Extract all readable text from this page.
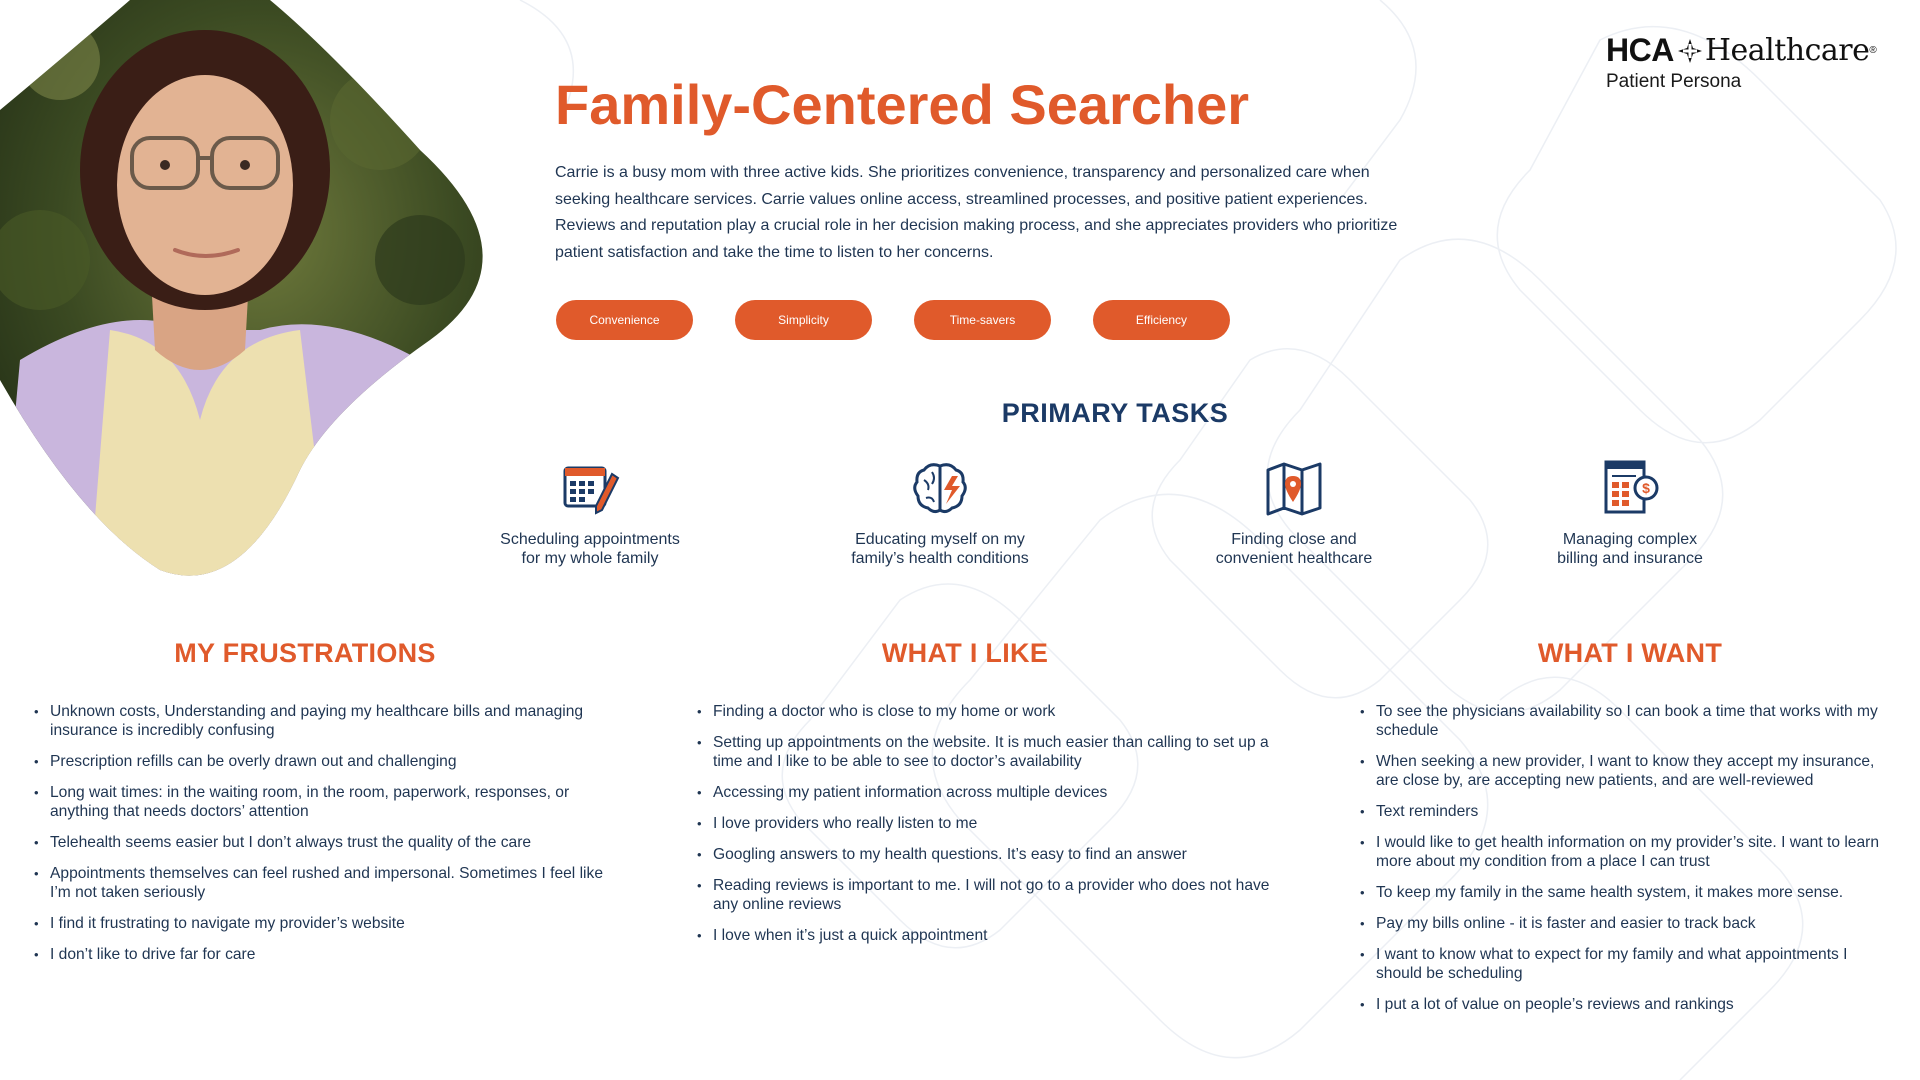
HCA Healthcare ®
Patient Persona
Family-Centered Searcher

Carrie is a busy mom with three active kids. She prioritizes convenience, transparency and personalized care when seeking healthcare services. Carrie values online access, streamlined processes, and positive patient experiences. Reviews and reputation play a crucial role in her decision making process, and she appreciates providers who prioritize patient satisfaction and take the time to listen to her concerns.

Convenience	Simplicity	Time-savers	Efficiency
PRIMARY TASKS
Scheduling appointments
for my whole family
Educating myself on my
family’s health conditions
Finding close and
convenient healthcare
$
Managing complex
billing and insurance
MY FRUSTRATIONS
• Unknown costs, Understanding and paying my healthcare bills and managing insurance is incredibly confusing
• Prescription refills can be overly drawn out and challenging
• Long wait times: in the waiting room, in the room, paperwork, responses, or anything that needs doctors’ attention
• Telehealth seems easier but I don’t always trust the quality of the care
• Appointments themselves can feel rushed and impersonal. Sometimes I feel like I’m not taken seriously
• I find it frustrating to navigate my provider’s website
• I don’t like to drive far for care
WHAT I LIKE
• Finding a doctor who is close to my home or work
• Setting up appointments on the website. It is much easier than calling to set up a time and I like to be able to see to doctor’s availability
• Accessing my patient information across multiple devices
• I love providers who really listen to me
• Googling answers to my health questions. It’s easy to find an answer
• Reading reviews is important to me. I will not go to a provider who does not have any online reviews
• I love when it’s just a quick appointment
WHAT I WANT
• To see the physicians availability so I can book a time that works with my schedule
• When seeking a new provider, I want to know they accept my insurance, are close by, are accepting new patients, and are well-reviewed
• Text reminders
• I would like to get health information on my provider’s site. I want to learn more about my condition from a place I can trust
• To keep my family in the same health system, it makes more sense.
• Pay my bills online - it is faster and easier to track back
• I want to know what to expect for my family and what appointments I should be scheduling
• I put a lot of value on people’s reviews and rankings
